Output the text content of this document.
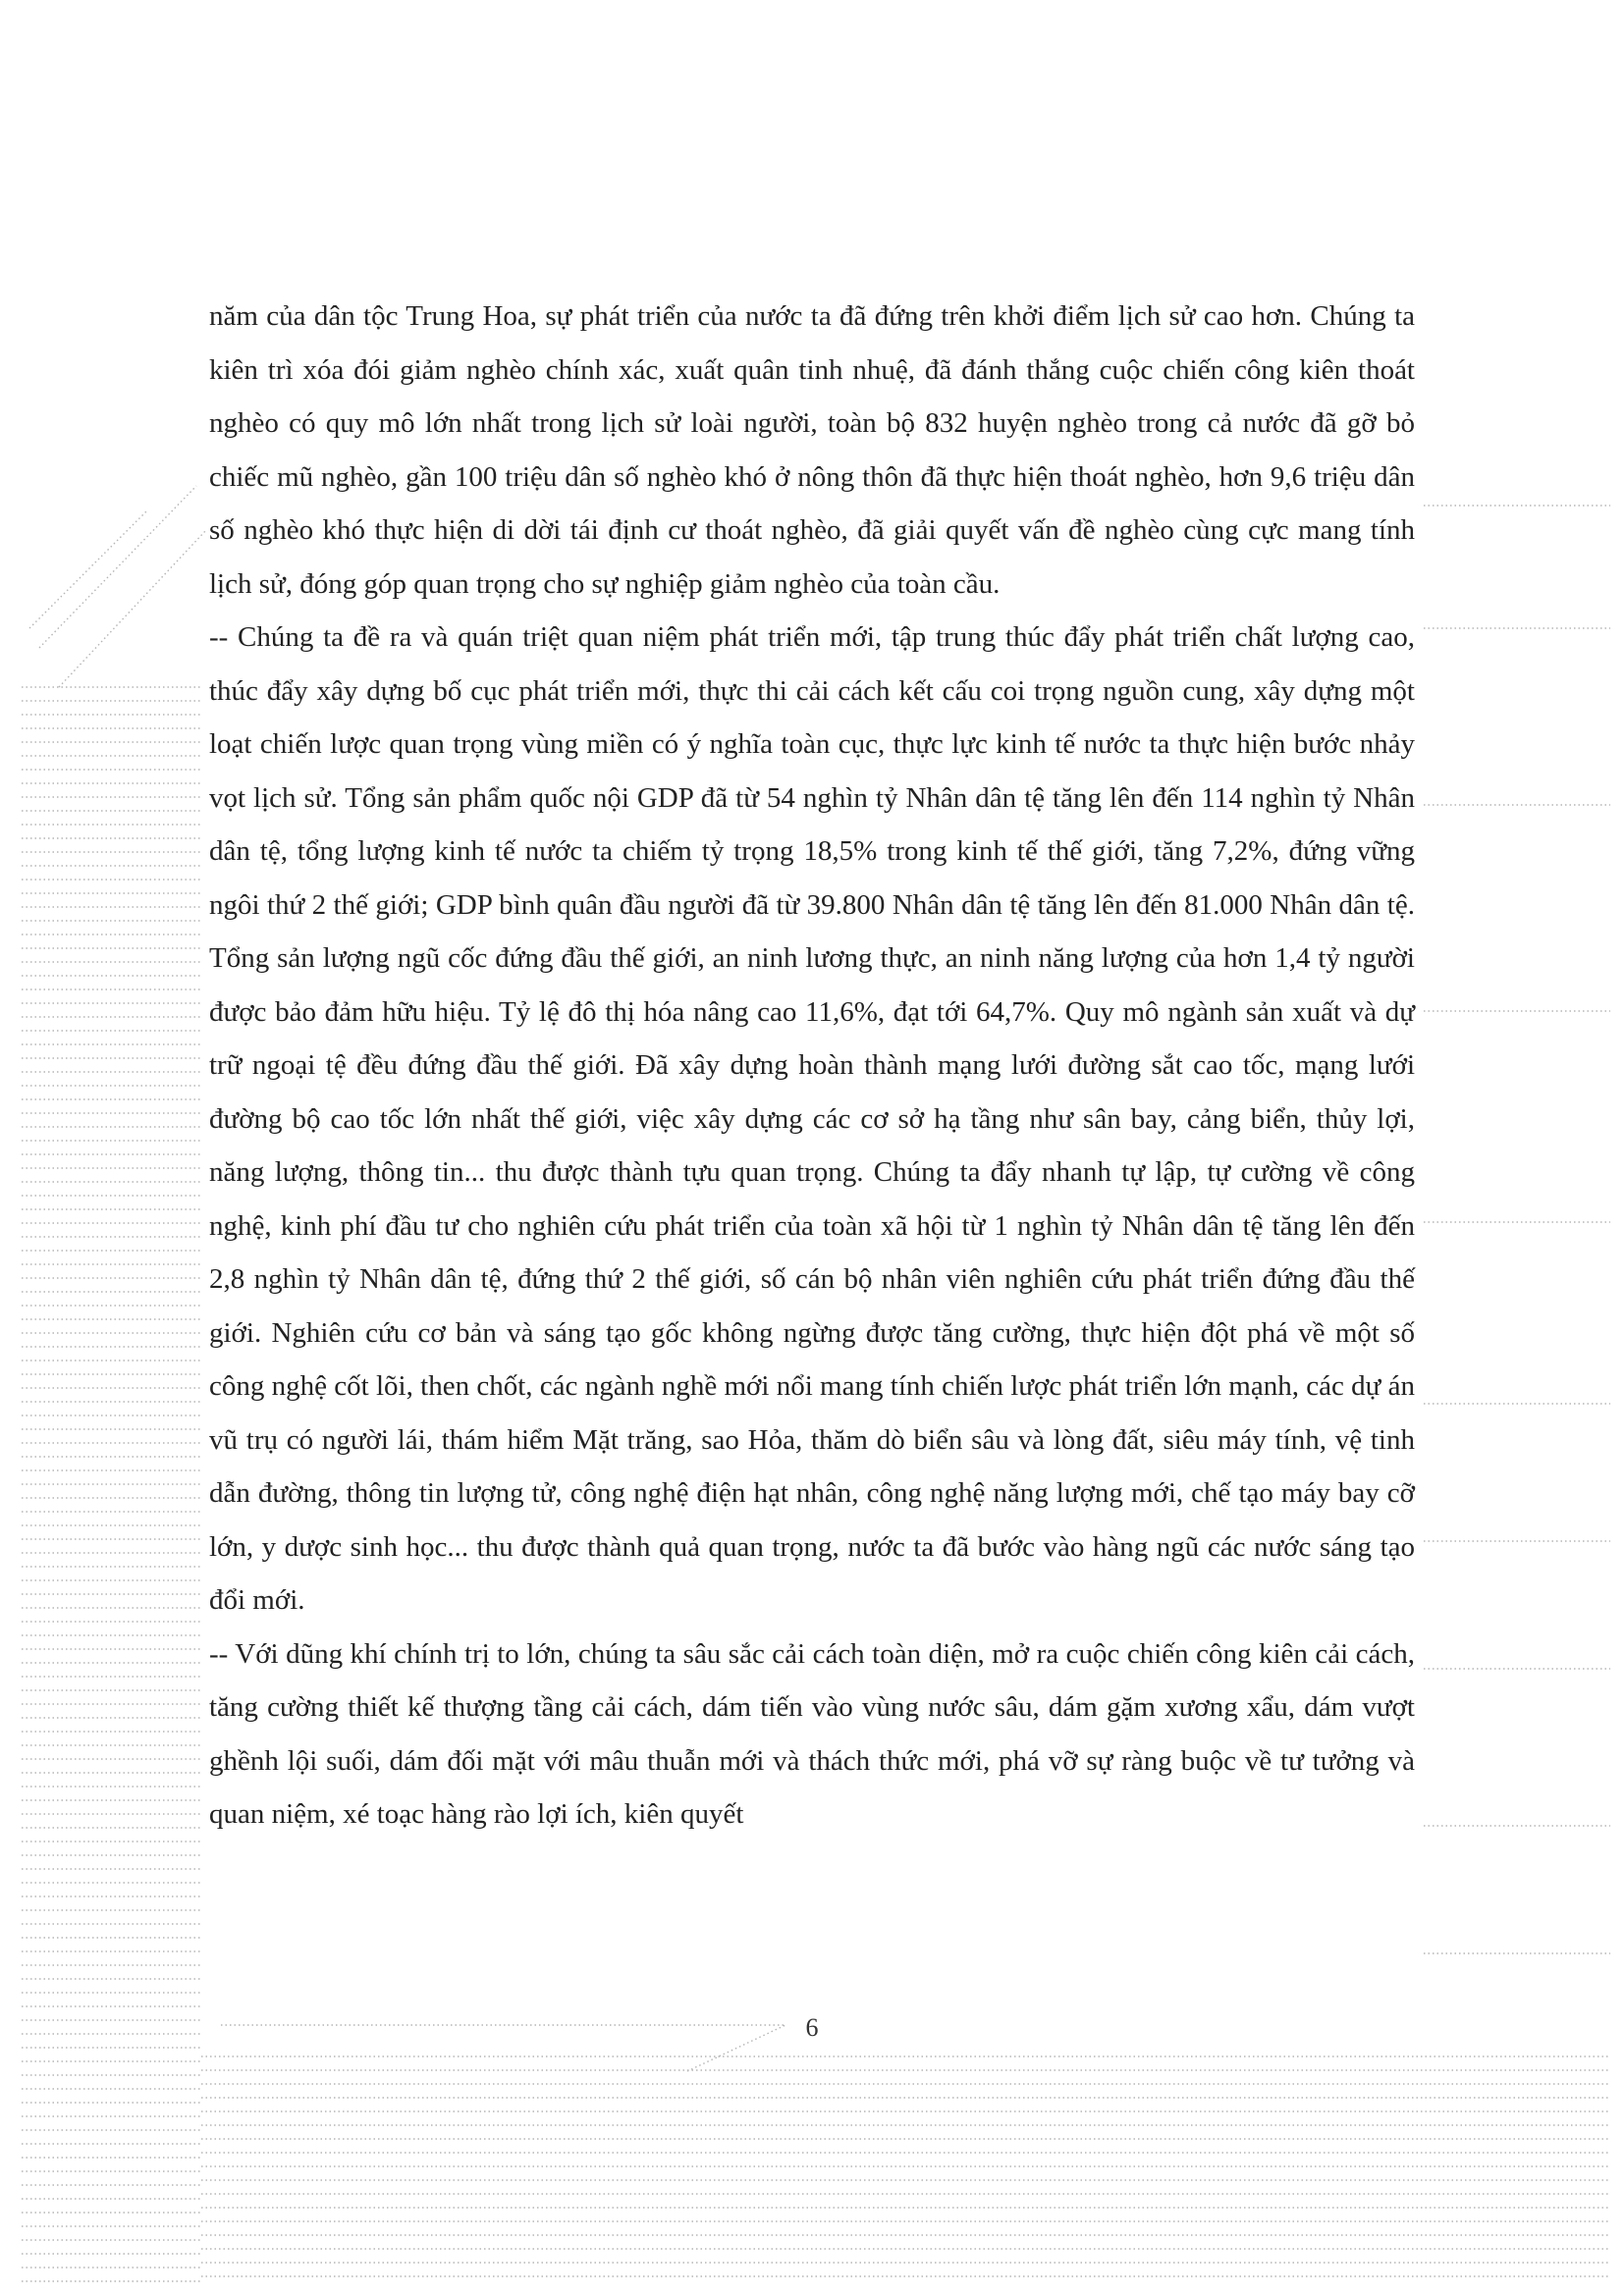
năm của dân tộc Trung Hoa, sự phát triển của nước ta đã đứng trên khởi điểm lịch sử cao hơn. Chúng ta kiên trì xóa đói giảm nghèo chính xác, xuất quân tinh nhuệ, đã đánh thắng cuộc chiến công kiên thoát nghèo có quy mô lớn nhất trong lịch sử loài người, toàn bộ 832 huyện nghèo trong cả nước đã gỡ bỏ chiếc mũ nghèo, gần 100 triệu dân số nghèo khó ở nông thôn đã thực hiện thoát nghèo, hơn 9,6 triệu dân số nghèo khó thực hiện di dời tái định cư thoát nghèo, đã giải quyết vấn đề nghèo cùng cực mang tính lịch sử, đóng góp quan trọng cho sự nghiệp giảm nghèo của toàn cầu.

-- Chúng ta đề ra và quán triệt quan niệm phát triển mới, tập trung thúc đẩy phát triển chất lượng cao, thúc đẩy xây dựng bố cục phát triển mới, thực thi cải cách kết cấu coi trọng nguồn cung, xây dựng một loạt chiến lược quan trọng vùng miền có ý nghĩa toàn cục, thực lực kinh tế nước ta thực hiện bước nhảy vọt lịch sử. Tổng sản phẩm quốc nội GDP đã từ 54 nghìn tỷ Nhân dân tệ tăng lên đến 114 nghìn tỷ Nhân dân tệ, tổng lượng kinh tế nước ta chiếm tỷ trọng 18,5% trong kinh tế thế giới, tăng 7,2%, đứng vững ngôi thứ 2 thế giới; GDP bình quân đầu người đã từ 39.800 Nhân dân tệ tăng lên đến 81.000 Nhân dân tệ. Tổng sản lượng ngũ cốc đứng đầu thế giới, an ninh lương thực, an ninh năng lượng của hơn 1,4 tỷ người được bảo đảm hữu hiệu. Tỷ lệ đô thị hóa nâng cao 11,6%, đạt tới 64,7%. Quy mô ngành sản xuất và dự trữ ngoại tệ đều đứng đầu thế giới. Đã xây dựng hoàn thành mạng lưới đường sắt cao tốc, mạng lưới đường bộ cao tốc lớn nhất thế giới, việc xây dựng các cơ sở hạ tầng như sân bay, cảng biển, thủy lợi, năng lượng, thông tin... thu được thành tựu quan trọng. Chúng ta đẩy nhanh tự lập, tự cường về công nghệ, kinh phí đầu tư cho nghiên cứu phát triển của toàn xã hội từ 1 nghìn tỷ Nhân dân tệ tăng lên đến 2,8 nghìn tỷ Nhân dân tệ, đứng thứ 2 thế giới, số cán bộ nhân viên nghiên cứu phát triển đứng đầu thế giới. Nghiên cứu cơ bản và sáng tạo gốc không ngừng được tăng cường, thực hiện đột phá về một số công nghệ cốt lõi, then chốt, các ngành nghề mới nổi mang tính chiến lược phát triển lớn mạnh, các dự án vũ trụ có người lái, thám hiểm Mặt trăng, sao Hỏa, thăm dò biển sâu và lòng đất, siêu máy tính, vệ tinh dẫn đường, thông tin lượng tử, công nghệ điện hạt nhân, công nghệ năng lượng mới, chế tạo máy bay cỡ lớn, y dược sinh học... thu được thành quả quan trọng, nước ta đã bước vào hàng ngũ các nước sáng tạo đổi mới.

-- Với dũng khí chính trị to lớn, chúng ta sâu sắc cải cách toàn diện, mở ra cuộc chiến công kiên cải cách, tăng cường thiết kế thượng tầng cải cách, dám tiến vào vùng nước sâu, dám gặm xương xẩu, dám vượt ghềnh lội suối, dám đối mặt với mâu thuẫn mới và thách thức mới, phá vỡ sự ràng buộc về tư tưởng và quan niệm, xé toạc hàng rào lợi ích, kiên quyết

6
